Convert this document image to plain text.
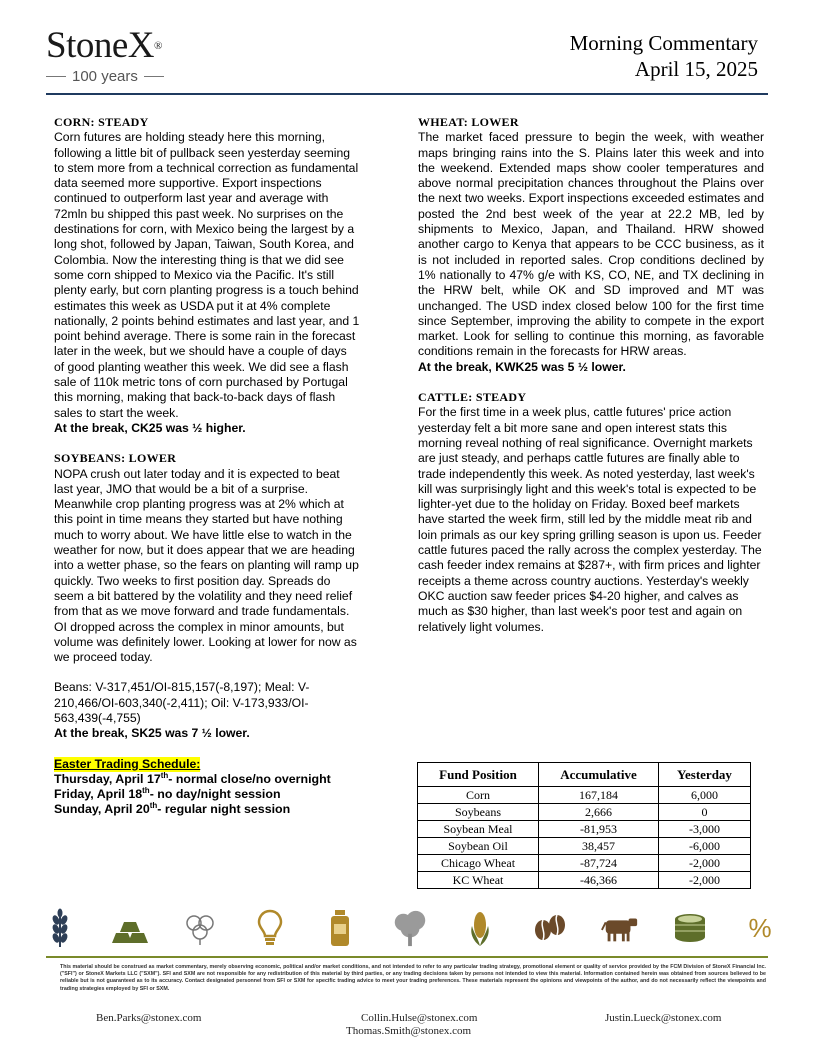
StoneX®
100 years
Morning Commentary
April 15, 2025
CORN: STEADY
Corn futures are holding steady here this morning, following a little bit of pullback seen yesterday seeming to stem more from a technical correction as fundamental data seemed more supportive. Export inspections continued to outperform last year and average with 72mln bu shipped this past week. No surprises on the destinations for corn, with Mexico being the largest by a long shot, followed by Japan, Taiwan, South Korea, and Colombia. Now the interesting thing is that we did see some corn shipped to Mexico via the Pacific. It's still plenty early, but corn planting progress is a touch behind estimates this week as USDA put it at 4% complete nationally, 2 points behind estimates and last year, and 1 point behind average. There is some rain in the forecast later in the week, but we should have a couple of days of good planting weather this week. We did see a flash sale of 110k metric tons of corn purchased by Portugal this morning, making that back-to-back days of flash sales to start the week.
At the break, CK25 was ½ higher.
SOYBEANS: LOWER
NOPA crush out later today and it is expected to beat last year, JMO that would be a bit of a surprise. Meanwhile crop planting progress was at 2% which at this point in time means they started but have nothing much to worry about. We have little else to watch in the weather for now, but it does appear that we are heading into a wetter phase, so the fears on planting will ramp up quickly. Two weeks to first position day. Spreads do seem a bit battered by the volatility and they need relief from that as we move forward and trade fundamentals. OI dropped across the complex in minor amounts, but volume was definitely lower. Looking at lower for now as we proceed today.
Beans: V-317,451/OI-815,157(-8,197); Meal: V-210,466/OI-603,340(-2,411); Oil: V-173,933/OI-563,439(-4,755)
At the break, SK25 was 7 ½ lower.
Easter Trading Schedule:
Thursday, April 17th- normal close/no overnight
Friday, April 18th- no day/night session
Sunday, April 20th- regular night session
WHEAT: LOWER
The market faced pressure to begin the week, with weather maps bringing rains into the S. Plains later this week and into the weekend. Extended maps show cooler temperatures and above normal precipitation chances throughout the Plains over the next two weeks. Export inspections exceeded estimates and posted the 2nd best week of the year at 22.2 MB, led by shipments to Mexico, Japan, and Thailand. HRW showed another cargo to Kenya that appears to be CCC business, as it is not included in reported sales. Crop conditions declined by 1% nationally to 47% g/e with KS, CO, NE, and TX declining in the HRW belt, while OK and SD improved and MT was unchanged. The USD index closed below 100 for the first time since September, improving the ability to compete in the export market. Look for selling to continue this morning, as favorable conditions remain in the forecasts for HRW areas.
At the break, KWK25 was 5 ½ lower.
CATTLE: STEADY
For the first time in a week plus, cattle futures' price action yesterday felt a bit more sane and open interest stats this morning reveal nothing of real significance. Overnight markets are just steady, and perhaps cattle futures are finally able to trade independently this week. As noted yesterday, last week's kill was surprisingly light and this week's total is expected to be lighter-yet due to the holiday on Friday. Boxed beef markets have started the week firm, still led by the middle meat rib and loin primals as our key spring grilling season is upon us. Feeder cattle futures paced the rally across the complex yesterday. The cash feeder index remains at $287+, with firm prices and lighter receipts a theme across country auctions. Yesterday's weekly OKC auction saw feeder prices $4-20 higher, and calves as much as $30 higher, than last week's poor test and again on relatively light volumes.
Fund Position	Accumulative	Yesterday
Corn	167,184	6,000
Soybeans	2,666	0
Soybean Meal	-81,953	-3,000
Soybean Oil	38,457	-6,000
Chicago Wheat	-87,724	-2,000
KC Wheat	-46,366	-2,000
%
This material should be construed as market commentary, merely observing economic, political and/or market conditions, and not intended to refer to any particular trading strategy, promotional element or quality of service provided by the FCM Division of StoneX Financial Inc. ("SFI") or StoneX Markets LLC ("SXM"). SFI and SXM are not responsible for any redistribution of this material by third parties, or any trading decisions taken by persons not intended to view this material. Information contained herein was obtained from sources believed to be reliable but is not guaranteed as to its accuracy. Contact designated personnel from SFI or SXM for specific trading advice to meet your trading preferences. These materials represent the opinions and viewpoints of the author, and do not necessarily reflect the viewpoints and trading strategies employed by SFI or SXM.
Ben.Parks@stonex.com	Collin.Hulse@stonex.com
Thomas.Smith@stonex.com
Justin.Lueck@stonex.com
